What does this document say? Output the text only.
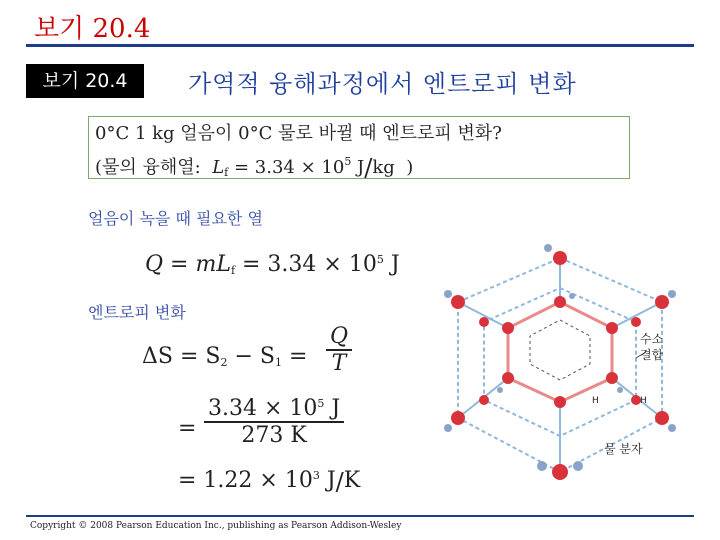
보기 20.4
보기 20.4	가역적 융해과정에서 엔트로피 변화
0°C 1 kg 얼음이 0°C 물로 바뀔 때 엔트로피 변화?
(물의 융해열: $L_f = 3.34 \times 10^5$ J/kg )
얼음이 녹을 때 필요한 열
$Q = mL_f = 3.34 \times 10^5$ J
엔트로피 변화
$\Delta S = S_2 - S_1$ =
Q
T
=
$3.34 \times 10^5$ J
273 K
= $1.22 \times 10^3$ J/K
수소
결합
H	H
물 분자
Copyright © 2008 Pearson Education Inc., publishing as Pearson Addison-Wesley
